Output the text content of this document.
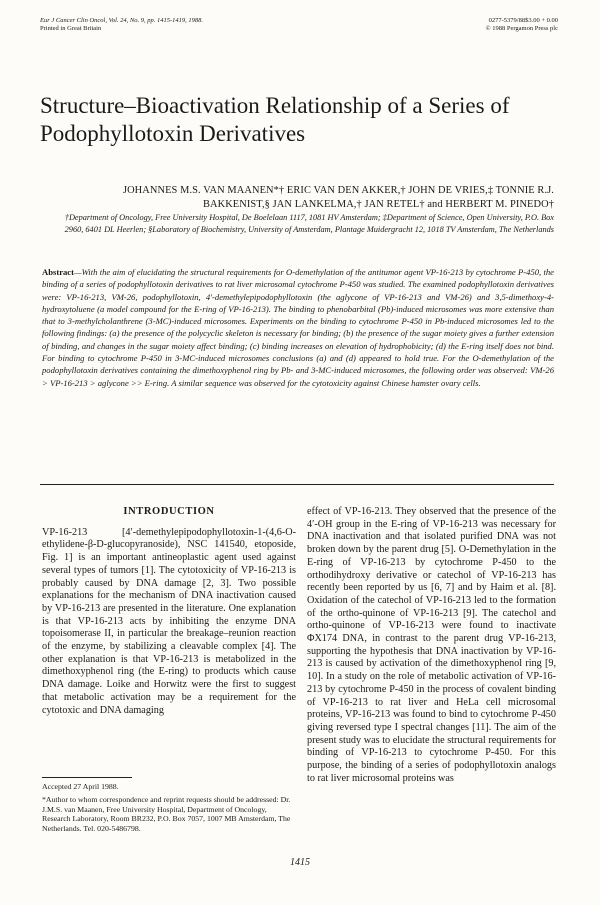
Eur J Cancer Clin Oncol, Vol. 24, No. 9, pp. 1415-1419, 1988.
Printed in Great Britain
0277-5379/88$3.00 + 0.00
© 1988 Pergamon Press plc
Structure–Bioactivation Relationship of a Series of Podophyllotoxin Derivatives
JOHANNES M.S. VAN MAANEN*† ERIC VAN DEN AKKER,† JOHN DE VRIES,‡ TONNIE R.J. BAKKENIST,§ JAN LANKELMA,† JAN RETEL† and HERBERT M. PINEDO†
†Department of Oncology, Free University Hospital, De Boelelaan 1117, 1081 HV Amsterdam; ‡Department of Science, Open University, P.O. Box 2960, 6401 DL Heerlen; §Laboratory of Biochemistry, University of Amsterdam, Plantage Muidergracht 12, 1018 TV Amsterdam, The Netherlands
Abstract—With the aim of elucidating the structural requirements for O-demethylation of the antitumor agent VP-16-213 by cytochrome P-450, the binding of a series of podophyllotoxin derivatives to rat liver microsomal cytochrome P-450 was studied. The examined podophyllotoxin derivatives were: VP-16-213, VM-26, podophyllotoxin, 4′-demethylepipodophyllotoxin (the aglycone of VP-16-213 and VM-26) and 3,5-dimethoxy-4-hydroxytoluene (a model compound for the E-ring of VP-16-213). The binding to phenobarbital (Pb)-induced microsomes was more extensive than that to 3-methylcholanthrene (3-MC)-induced microsomes. Experiments on the binding to cytochrome P-450 in Pb-induced microsomes led to the following findings: (a) the presence of the polycyclic skeleton is necessary for binding; (b) the presence of the sugar moiety gives a further extension of binding, and changes in the sugar moiety affect binding; (c) binding increases on elevation of hydrophobicity; (d) the E-ring itself does not bind. For binding to cytochrome P-450 in 3-MC-induced microsomes conclusions (a) and (d) appeared to hold true. For the O-demethylation of the podophyllotoxin derivatives containing the dimethoxyphenol ring by Pb- and 3-MC-induced microsomes, the following order was observed: VM-26 > VP-16-213 > aglycone >> E-ring. A similar sequence was observed for the cytotoxicity against Chinese hamster ovary cells.
INTRODUCTION

VP-16-213 [4′-demethylepipodophyllotoxin-1-(4,6-O-ethylidene-β-D-glucopyranoside), NSC 141540, etoposide, Fig. 1] is an important antineoplastic agent used against several types of tumors [1]. The cytotoxicity of VP-16-213 is probably caused by DNA damage [2, 3]. Two possible explanations for the mechanism of DNA inactivation caused by VP-16-213 are presented in the literature. One explanation is that VP-16-213 acts by inhibiting the enzyme DNA topoisomerase II, in particular the breakage–reunion reaction of the enzyme, by stabilizing a cleavable complex [4]. The other explanation is that VP-16-213 is metabolized in the dimethoxyphenol ring (the E-ring) to products which cause DNA damage. Loike and Horwitz were the first to suggest that metabolic activation may be a requirement for the cytotoxic and DNA damaging

effect of VP-16-213. They observed that the presence of the 4′-OH group in the E-ring of VP-16-213 was necessary for DNA inactivation and that isolated purified DNA was not broken down by the parent drug [5]. O-Demethylation in the E-ring of VP-16-213 by cytochrome P-450 to the orthodihydroxy derivative or catechol of VP-16-213 has recently been reported by us [6, 7] and by Haim et al. [8]. Oxidation of the catechol of VP-16-213 led to the formation of the ortho-quinone of VP-16-213 [9]. The catechol and ortho-quinone of VP-16-213 were found to inactivate ΦX174 DNA, in contrast to the parent drug VP-16-213, supporting the hypothesis that DNA inactivation by VP-16-213 is caused by activation of the dimethoxyphenol ring [9, 10]. In a study on the role of metabolic activation of VP-16-213 by cytochrome P-450 in the process of covalent binding of VP-16-213 to rat liver and HeLa cell microsomal proteins, VP-16-213 was found to bind to cytochrome P-450 giving reversed type I spectral changes [11]. The aim of the present study was to elucidate the structural requirements for binding of VP-16-213 to cytochrome P-450. For this purpose, the binding of a series of podophyllotoxin analogs to rat liver microsomal proteins was

Accepted 27 April 1988.

*Author to whom correspondence and reprint requests should be addressed: Dr. J.M.S. van Maanen, Free University Hospital, Department of Oncology, Research Laboratory, Room BR232, P.O. Box 7057, 1007 MB Amsterdam, The Netherlands. Tel. 020-5486798.

1415
